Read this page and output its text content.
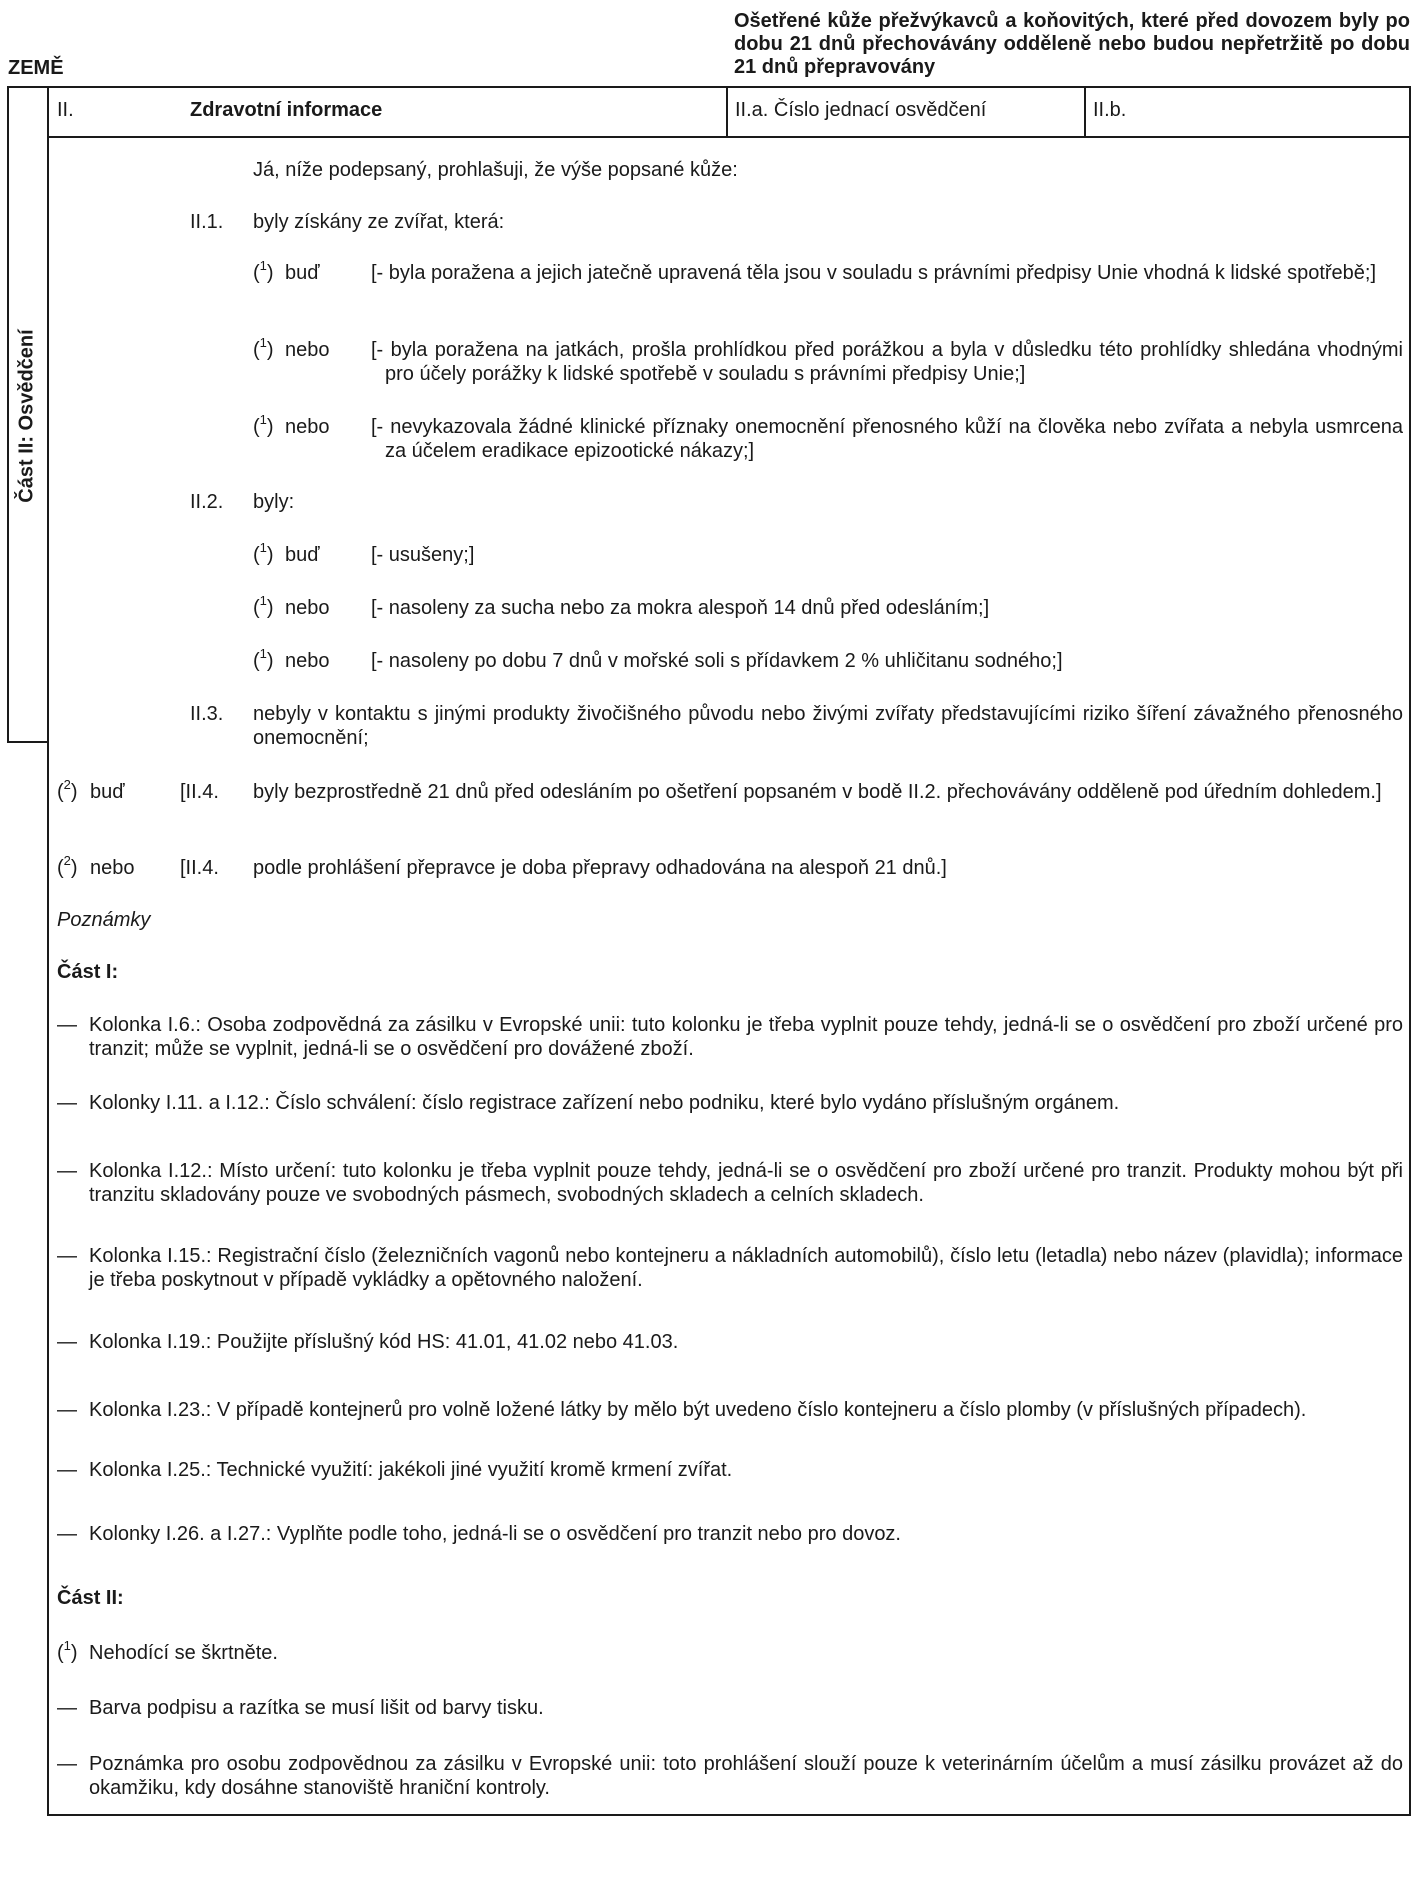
ZEMĚ
Ošetřené kůže přežvýkavců a koňovitých, které před dovozem byly po dobu 21 dnů přechovávány odděleně nebo budou nepřetržitě po dobu 21 dnů přepravovány
Část II: Osvědčení
II.	Zdravotní informace	II.a. Číslo jednací osvědčení	II.b.
Já, níže podepsaný, prohlašuji, že výše popsané kůže:
II.1. byly získány ze zvířat, která:
($^1$) buď	[- byla poražena a jejich jatečně upravená těla jsou v souladu s právními předpisy Unie vhodná k lidské spotřebě;]
($^1$) nebo [- byla poražena na jatkách, prošla prohlídkou před porážkou a byla v důsledku této prohlídky shledána vhodnými pro účely porážky k lidské spotřebě v souladu s právními předpisy Unie;]
($^1$) nebo [- nevykazovala žádné klinické příznaky onemocnění přenosného kůží na člověka nebo zvířata a nebyla usmrcena za účelem eradikace epizootické nákazy;]
II.2. byly:
($^1$) buď	[- usušeny;]
($^1$) nebo [- nasoleny za sucha nebo za mokra alespoň 14 dnů před odesláním;]
($^1$) nebo [- nasoleny po dobu 7 dnů v mořské soli s přídavkem 2 % uhličitanu sodného;]
II.3. nebyly v kontaktu s jinými produkty živočišného původu nebo živými zvířaty představujícími riziko šíření závažného přenosného onemocnění;
($^2$) buď	[II.4. byly bezprostředně 21 dnů před odesláním po ošetření popsaném v bodě II.2. přechovávány odděleně pod úředním dohledem.]
($^2$) nebo [II.4. podle prohlášení přepravce je doba přepravy odhadována na alespoň 21 dnů.]
Poznámky
Část I:
— Kolonka I.6.: Osoba zodpovědná za zásilku v Evropské unii: tuto kolonku je třeba vyplnit pouze tehdy, jedná-li se o osvědčení pro zboží určené pro tranzit; může se vyplnit, jedná-li se o osvědčení pro dovážené zboží.
— Kolonky I.11. a I.12.: Číslo schválení: číslo registrace zařízení nebo podniku, které bylo vydáno příslušným orgánem.
— Kolonka I.12.: Místo určení: tuto kolonku je třeba vyplnit pouze tehdy, jedná-li se o osvědčení pro zboží určené pro tranzit. Produkty mohou být při tranzitu skladovány pouze ve svobodných pásmech, svobodných skladech a celních skladech.
— Kolonka I.15.: Registrační číslo (železničních vagonů nebo kontejneru a nákladních automobilů), číslo letu (letadla) nebo název (plavidla); informace je třeba poskytnout v případě vykládky a opětovného naložení.
— Kolonka I.19.: Použijte příslušný kód HS: 41.01, 41.02 nebo 41.03.
— Kolonka I.23.: V případě kontejnerů pro volně ložené látky by mělo být uvedeno číslo kontejneru a číslo plomby (v příslušných případech).
— Kolonka I.25.: Technické využití: jakékoli jiné využití kromě krmení zvířat.
— Kolonky I.26. a I.27.: Vyplňte podle toho, jedná-li se o osvědčení pro tranzit nebo pro dovoz.
Část II:
($^1$) Nehodící se škrtněte.
— Barva podpisu a razítka se musí lišit od barvy tisku.
— Poznámka pro osobu zodpovědnou za zásilku v Evropské unii: toto prohlášení slouží pouze k veterinárním účelům a musí zásilku provázet až do okamžiku, kdy dosáhne stanoviště hraniční kontroly.
